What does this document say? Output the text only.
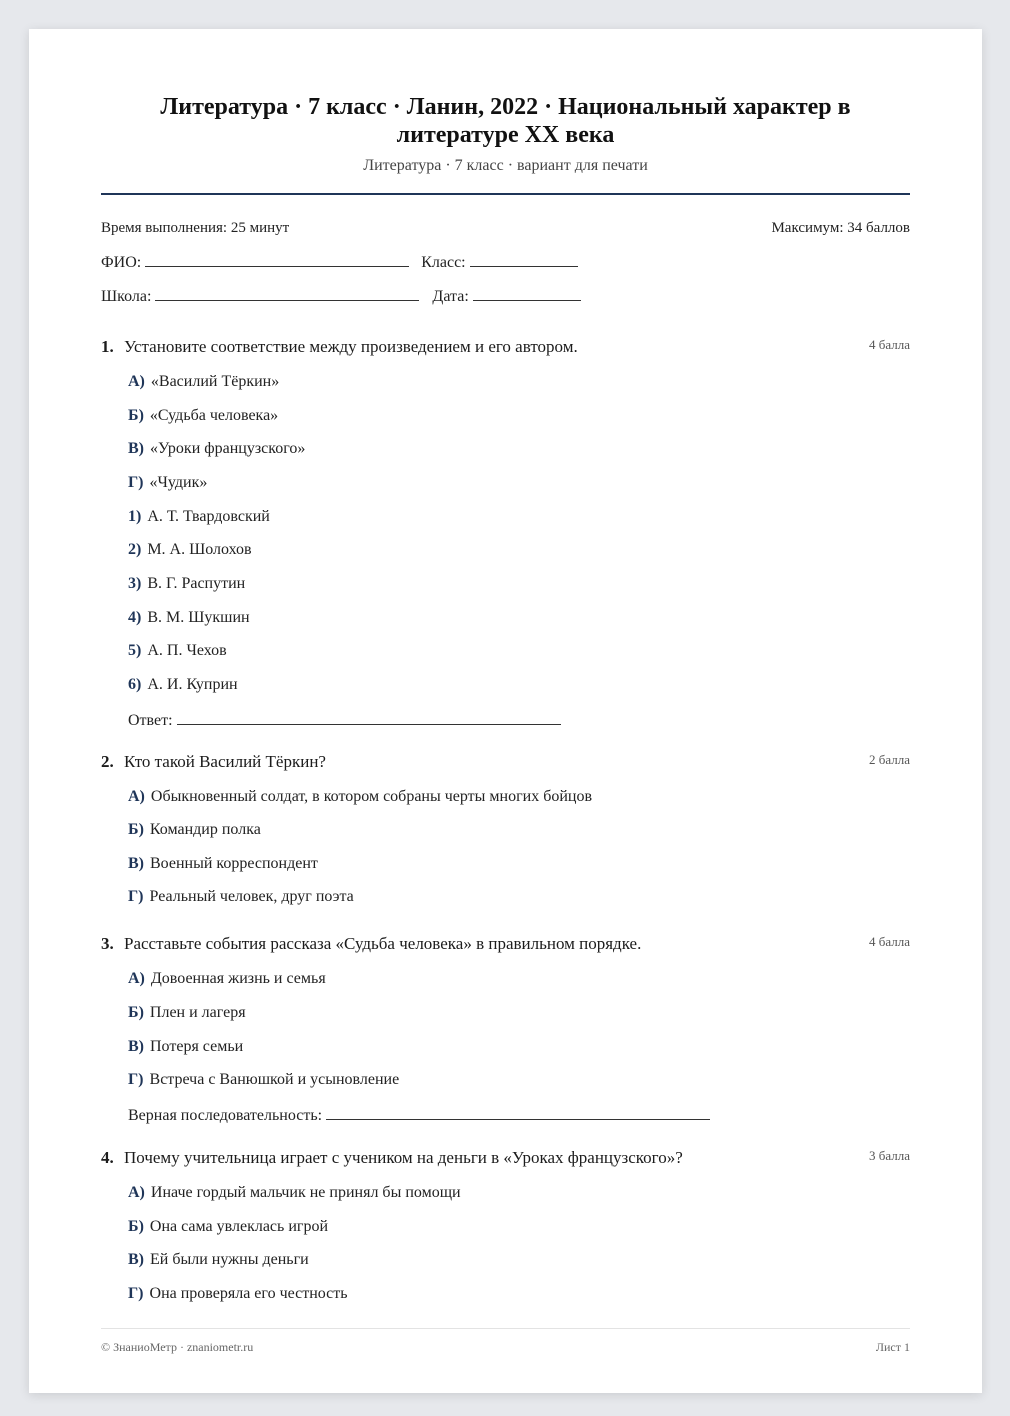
Литература · 7 класс · Ланин, 2022 · Национальный характер в литературе XX века
Литература · 7 класс · вариант для печати
Время выполнения: 25 минут	Максимум: 34 баллов
ФИО:	Класс:
Школа:	Дата:
1. Установите соответствие между произведением и его автором.	4 балла
А) «Василий Тёркин»
Б) «Судьба человека»
В) «Уроки французского»
Г) «Чудик»
1) А. Т. Твардовский
2) М. А. Шолохов
3) В. Г. Распутин
4) В. М. Шукшин
5) А. П. Чехов
6) А. И. Куприн
Ответ:
2. Кто такой Василий Тёркин?	2 балла
А) Обыкновенный солдат, в котором собраны черты многих бойцов
Б) Командир полка
В) Военный корреспондент
Г) Реальный человек, друг поэта
3. Расставьте события рассказа «Судьба человека» в правильном порядке.	4 балла
А) Довоенная жизнь и семья
Б) Плен и лагеря
В) Потеря семьи
Г) Встреча с Ванюшкой и усыновление
Верная последовательность:
4. Почему учительница играет с учеником на деньги в «Уроках французского»?	3 балла
А) Иначе гордый мальчик не принял бы помощи
Б) Она сама увлеклась игрой
В) Ей были нужны деньги
Г) Она проверяла его честность
© ЗнаниоМетр · znaniometr.ru	Лист 1
